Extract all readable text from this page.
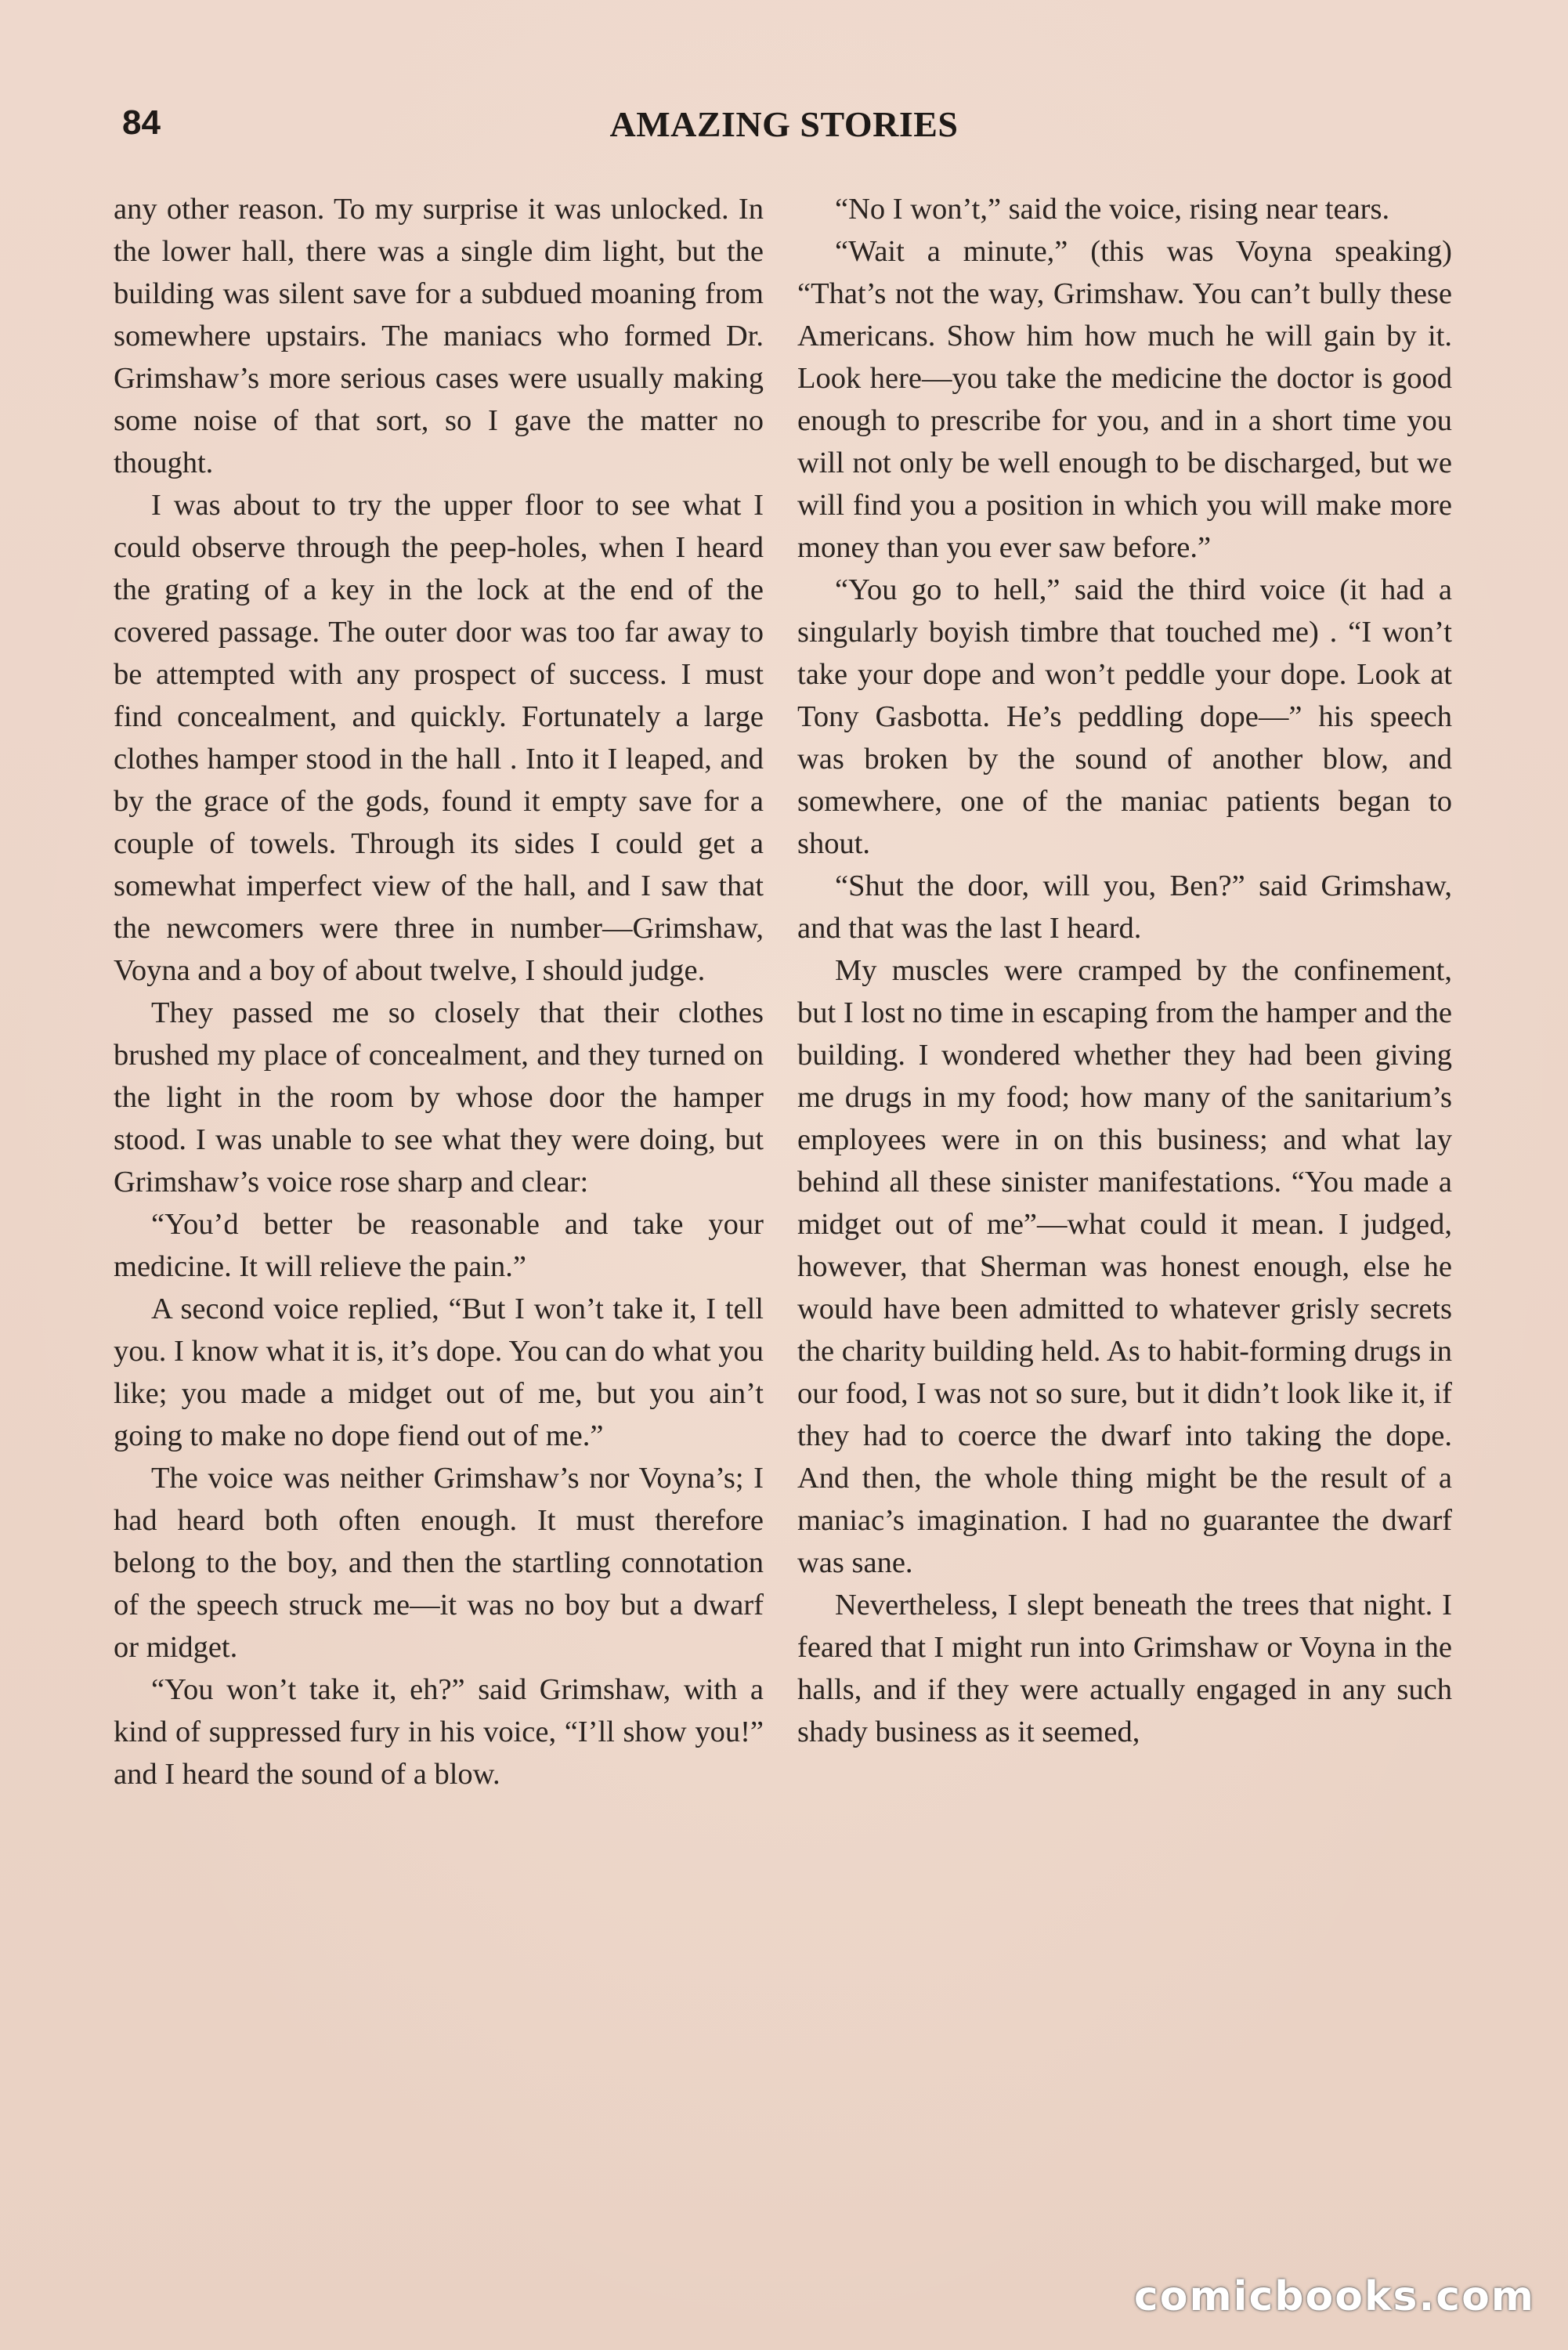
84	AMAZING STORIES

any other reason. To my surprise it was unlocked. In the lower hall, there was a single dim light, but the building was silent save for a subdued moaning from somewhere upstairs. The maniacs who formed Dr. Grimshaw’s more serious cases were usually making some noise of that sort, so I gave the matter no thought.

I was about to try the upper floor to see what I could observe through the peep-holes, when I heard the grating of a key in the lock at the end of the covered passage. The outer door was too far away to be attempted with any prospect of success. I must find concealment, and quickly. Fortunately a large clothes hamper stood in the hall . Into it I leaped, and by the grace of the gods, found it empty save for a couple of towels. Through its sides I could get a somewhat imperfect view of the hall, and I saw that the newcomers were three in number—Grimshaw, Voyna and a boy of about twelve, I should judge.

They passed me so closely that their clothes brushed my place of concealment, and they turned on the light in the room by whose door the hamper stood. I was unable to see what they were doing, but Grimshaw’s voice rose sharp and clear:

“You’d better be reasonable and take your medicine. It will relieve the pain.”

A second voice replied, “But I won’t take it, I tell you. I know what it is, it’s dope. You can do what you like; you made a midget out of me, but you ain’t going to make no dope fiend out of me.”

The voice was neither Grimshaw’s nor Voyna’s; I had heard both often enough. It must therefore belong to the boy, and then the startling connotation of the speech struck me—it was no boy but a dwarf or midget.

“You won’t take it, eh?” said Grimshaw, with a kind of suppressed fury in his voice, “I’ll show you!” and I heard the sound of a blow.

“No I won’t,” said the voice, rising near tears.

“Wait a minute,” (this was Voyna speaking) “That’s not the way, Grimshaw. You can’t bully these Americans. Show him how much he will gain by it. Look here—you take the medicine the doctor is good enough to prescribe for you, and in a short time you will not only be well enough to be discharged, but we will find you a position in which you will make more money than you ever saw before.”

“You go to hell,” said the third voice (it had a singularly boyish timbre that touched me) . “I won’t take your dope and won’t peddle your dope. Look at Tony Gasbotta. He’s peddling dope—” his speech was broken by the sound of another blow, and somewhere, one of the maniac patients began to shout.

“Shut the door, will you, Ben?” said Grimshaw, and that was the last I heard.

My muscles were cramped by the confinement, but I lost no time in escaping from the hamper and the building. I wondered whether they had been giving me drugs in my food; how many of the sanitarium’s employees were in on this business; and what lay behind all these sinister manifestations. “You made a midget out of me”—what could it mean. I judged, however, that Sherman was honest enough, else he would have been admitted to whatever grisly secrets the charity building held. As to habit-forming drugs in our food, I was not so sure, but it didn’t look like it, if they had to coerce the dwarf into taking the dope. And then, the whole thing might be the result of a maniac’s imagination. I had no guarantee the dwarf was sane.

Nevertheless, I slept beneath the trees that night. I feared that I might run into Grimshaw or Voyna in the halls, and if they were actually engaged in any such shady business as it seemed,

comicbooks.com
